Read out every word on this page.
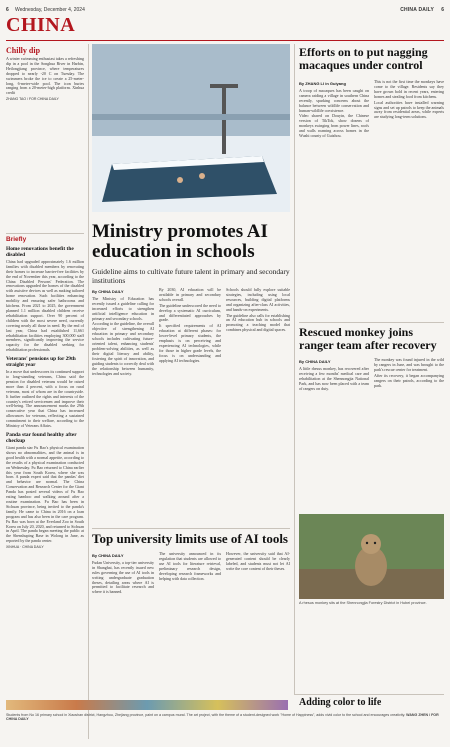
6 Wednesday, December 4, 2024	CHINA DAILY 6
CHINA
Chilly dip

A winter swimming enthusiast takes a refreshing dip in a pool in the Songhua River in Harbin, Heilongjiang province, where temperatures dropped to nearly -20 C on Tuesday. The swimmers broke the ice to create a 25-meter-long, 6-meter-wide pool. The icon buries ranging from a 20-meter-high platform. Xinhua credit

ZHANG TAO / FOR CHINA DAILY

Briefly
Home renovations benefit the disabled

China had upgraded approximately 1.6 million families with disabled members by renovating their homes to increase barrier-free facilities by the end of November this year, according to the China Disabled Persons' Federation. The renovations upgraded the homes of the disabled with assistive devices as well as making tailored home renovation. Such facilities enhancing mobility and ensuring safer bathrooms and kitchens. From 2021 to 2025, the government planned 1.1 million disabled children receive rehabilitation support. Over 90 percent of children with the most severe need, currently covering nearly all those in need. By the end of last year, China had established 11,661 rehabilitation facilities employing 300,000 staff members, significantly improving the service capacity for the disabled seeking for rehabilitation professionals.

Veterans' pensions up for 29th straight year

In a move that underscores its continued support to long-standing veterans, China said the pension for disabled veterans would be raised more than 4 percent, with a focus on rural veterans, most of whom are in the countryside. It further outlined the rights and interests of the country's retired servicemen and improve their well-being. The announcement marks the 29th consecutive year that China has increased allowances for veterans, reflecting a sustained commitment to their welfare, according to the Ministry of Veterans Affairs.

Panda star found healthy after checkup

Giant panda star Fu Bao's physical examination shows no abnormalities, and the animal is in good health with a normal appetite, according to the results of a physical examination conducted on Wednesday. Fu Bao returned to China earlier this year from South Korea, where she was born. A panda expert said that the pandas' diet and behavior are normal. The China Conservation and Research Center for the Giant Panda has posted several videos of Fu Bao eating bamboo and walking around after a routine examination. Fu Bao has been in Sichuan province, being invited to the panda's family. He came to China in 2016 on a loan program and has also been in the care program. Fu Bao was born at the Everland Zoo in South Korea on July 20, 2020, and returned to Sichuan in April. The panda began meeting the public at the Shenshuping Base in Wolong in June, as reported by the panda center.

XINHUA · CHINA DAILY

Ministry promotes AI education in schools
Guideline aims to cultivate future talent in primary and secondary institutions
By CHINA DAILY

The Ministry of Education has recently issued a guideline calling for increased efforts to strengthen artificial intelligence education in primary and secondary schools.

According to the guideline, the overall objective of strengthening AI education in primary and secondary schools includes cultivating future-oriented talent, enhancing students' problem-solving abilities, as well as their digital literacy and ability, fostering the spirit of innovation, and guiding students to correctly deal with the relationship between humanity, technologies and society.

By 2030, AI education will be available in primary and secondary schools overall.

The guideline underscored the need to develop a systematic AI curriculum, and differentiated approaches by grade.

It specified requirements of AI education at different phases: for lower-level primary students, the emphasis is on perceiving and experiencing AI technologies, while for those in higher grade levels, the focus is on understanding and applying AI technologies.

Schools should fully explore suitable strategies, including using local resources, building digital platforms and organizing after-class AI activities, and hands-on experiments.

The guideline also calls for establishing an AI education hub in schools and promoting a teaching model that combines physical and digital spaces.

Top university limits use of AI tools
By CHINA DAILY

Fudan University, a top-tier university in Shanghai, has recently issued new rules governing the use of AI tools in writing undergraduate graduation theses, detailing areas where AI is permitted to facilitate research and where it is banned.

The university announced in its regulation that students are allowed to use AI tools for literature retrieval, preliminary research design, developing research frameworks and helping with data collection.

However, the university said that AI-generated content should be clearly labeled, and students must not let AI write the core content of their theses.

Efforts on to put nagging macaques under control
By ZHANG LI in Guiyang

A troop of macaques has been caught on camera raiding a village in southern China recently, sparking concerns about the balance between wildlife conservation and human-wildlife coexistence.

Video shared on Douyin, the Chinese version of TikTok, show dozens of monkeys swinging from power lines, roofs and walls roaming across homes in the Wuzhi county of Guizhou.

This is not the first time the monkeys have come to the village. Residents say they have grown bold in recent years, entering homes and stealing food from kitchens.

Local authorities have installed warning signs and set up patrols to keep the animals away from residential areas, while experts are studying long-term solutions.

Rescued monkey joins ranger team after recovery
By CHINA DAILY

A little rhesus monkey, has recovered after receiving a few months' medical care and rehabilitation at the Shennongjia National Park, and has now been placed with a team of rangers on duty.

The monkey was found injured in the wild by rangers in June, and was brought to the park's rescue center for treatment.

After its recovery, it began accompanying rangers on their patrols, according to the park.

A rhesus monkey sits at the Shennongjia Forestry District in Hubei province.
Adding color to life
Students from No 16 primary school in Xiaoshan district, Hangzhou, Zhejiang province, paint on a campus mural. The art project, with the theme of a student-designed work "Home of Happiness", adds vivid color to the school and encourages creativity. WANG ZHEN / FOR CHINA DAILY
